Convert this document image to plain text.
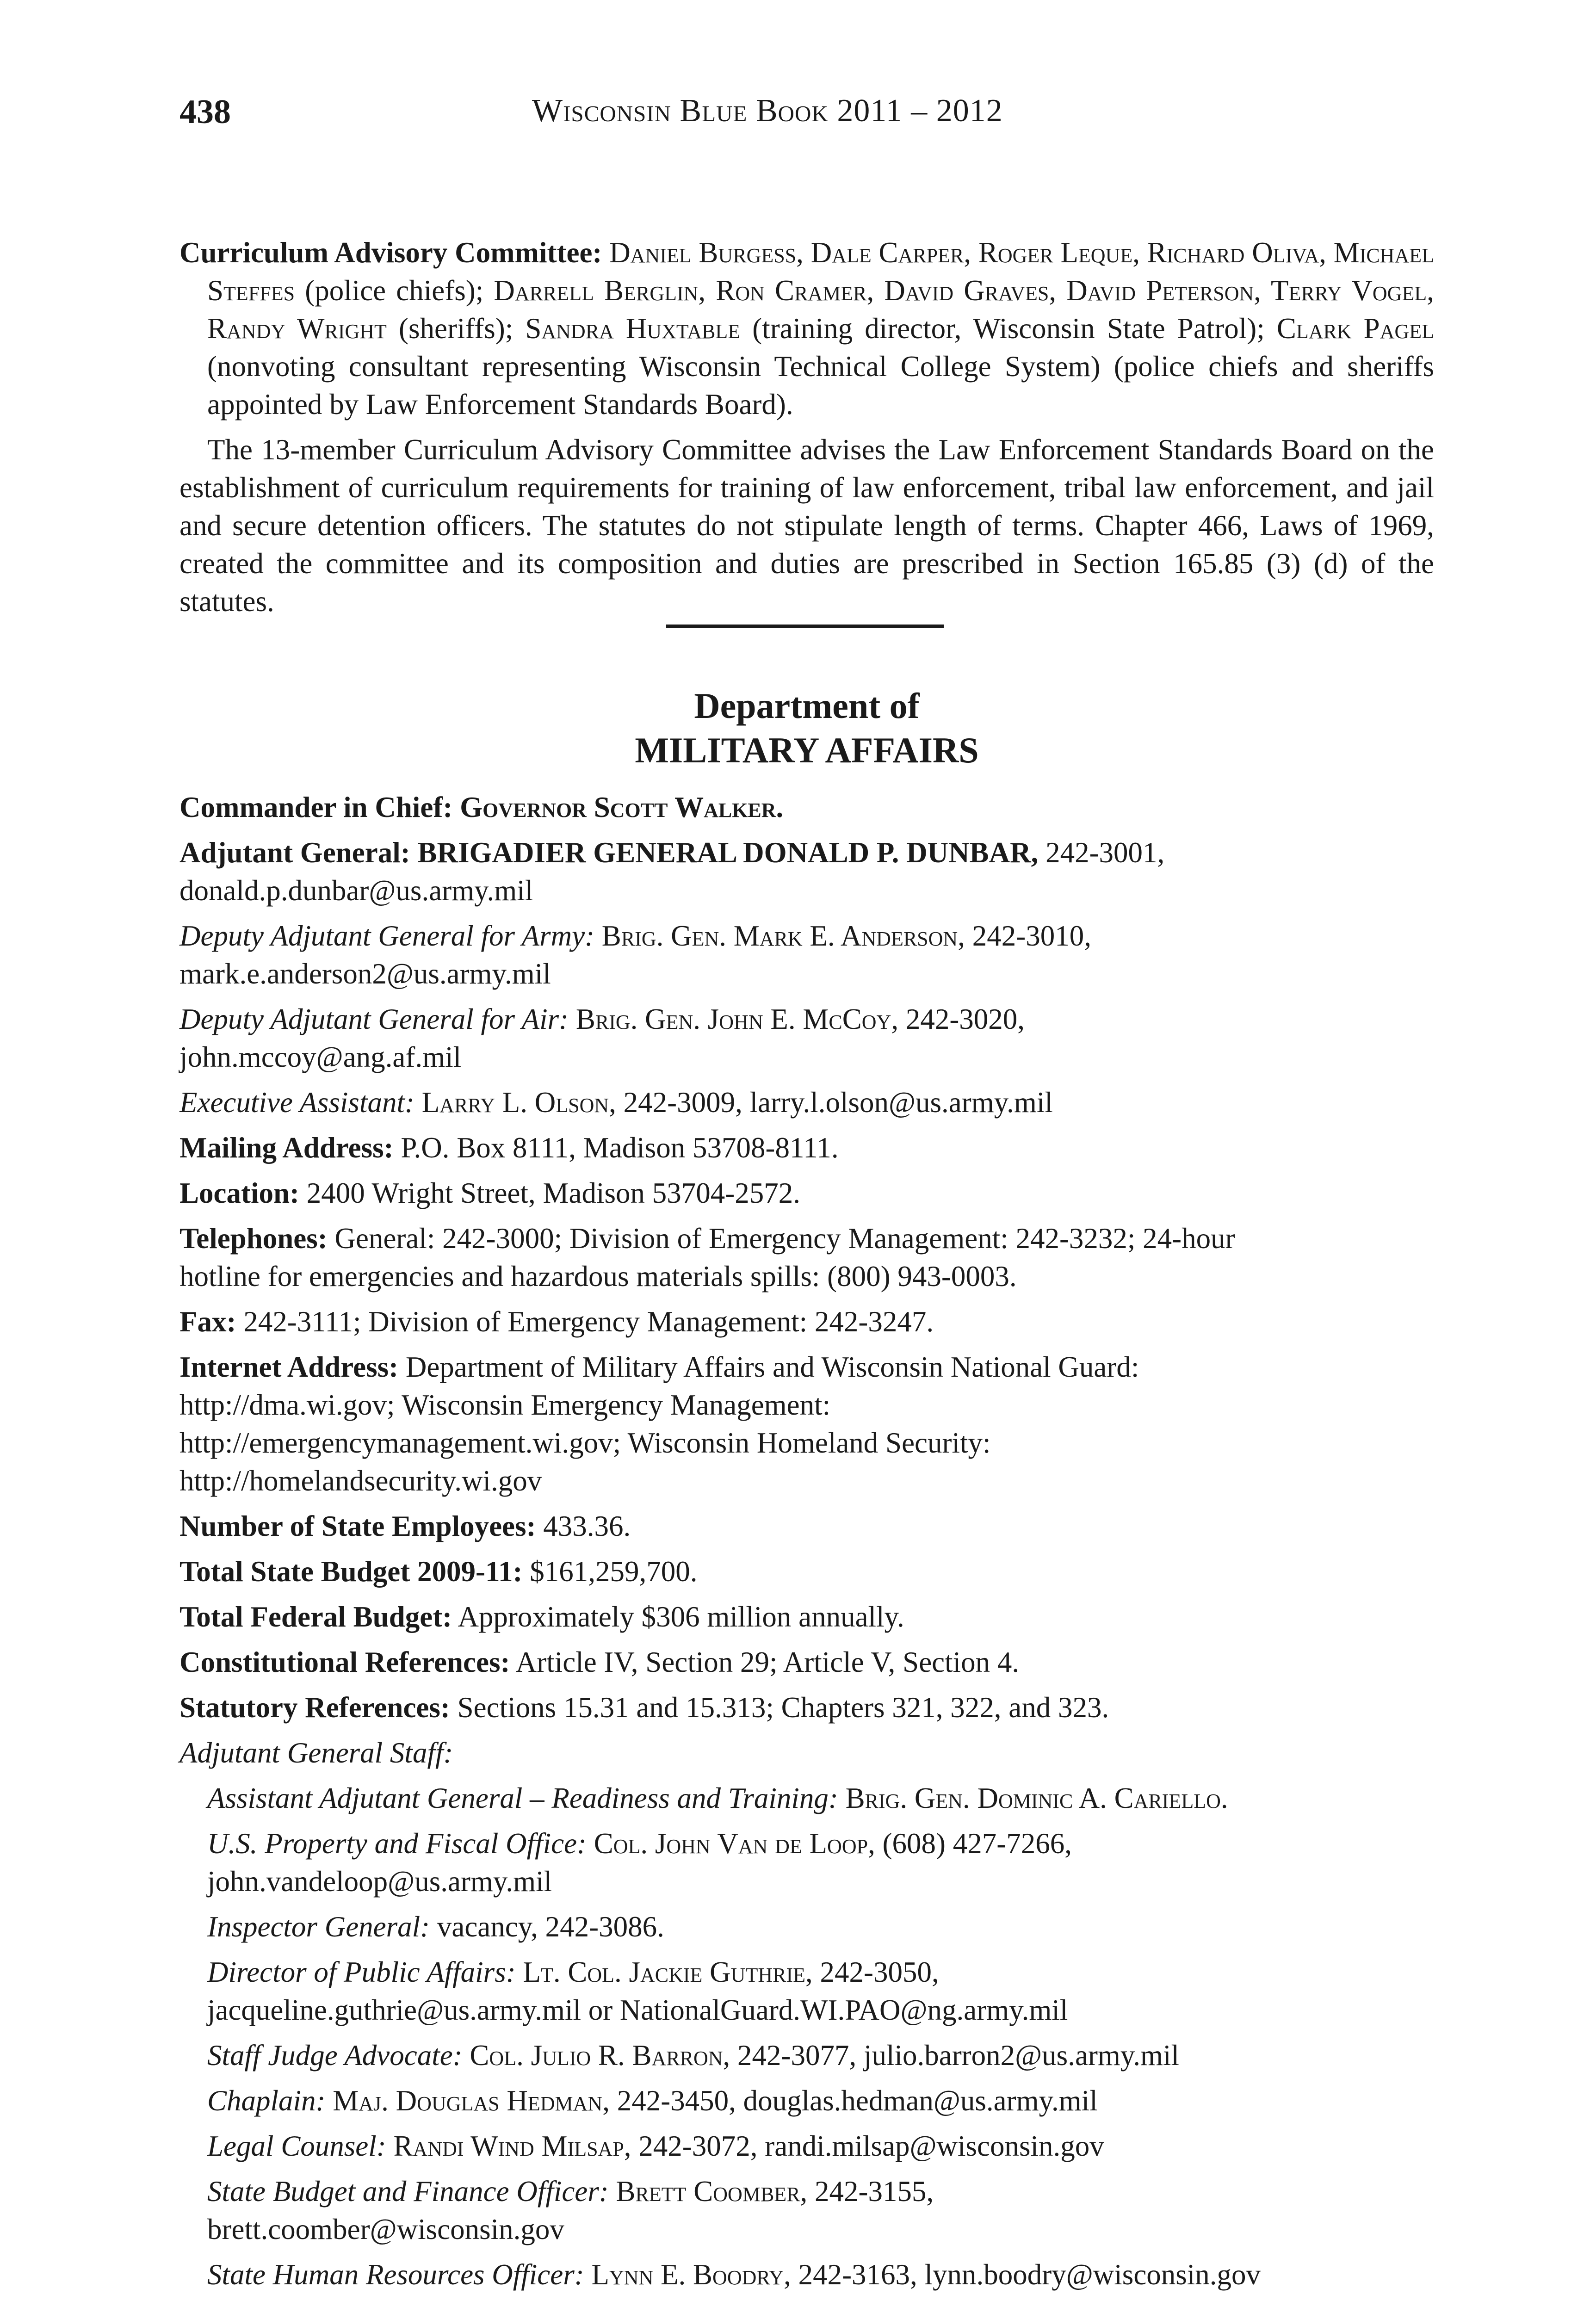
438	Wisconsin Blue Book 2011 – 2012

Curriculum Advisory Committee: Daniel Burgess, Dale Carper, Roger Leque, Richard Oliva, Michael Steffes (police chiefs); Darrell Berglin, Ron Cramer, David Graves, David Peterson, Terry Vogel, Randy Wright (sheriffs); Sandra Huxtable (training director, Wisconsin State Patrol); Clark Pagel (nonvoting consultant representing Wisconsin Technical College System) (police chiefs and sheriffs appointed by Law Enforcement Standards Board).

The 13-member Curriculum Advisory Committee advises the Law Enforcement Standards Board on the establishment of curriculum requirements for training of law enforcement, tribal law enforcement, and jail and secure detention officers. The statutes do not stipulate length of terms. Chapter 466, Laws of 1969, created the committee and its composition and duties are prescribed in Section 165.85 (3) (d) of the statutes.

Department of
MILITARY AFFAIRS

Commander in Chief: Governor Scott Walker.

Adjutant General: BRIGADIER GENERAL DONALD P. DUNBAR, 242-3001,
donald.p.dunbar@us.army.mil

Deputy Adjutant General for Army: Brig. Gen. Mark E. Anderson, 242-3010,
mark.e.anderson2@us.army.mil

Deputy Adjutant General for Air: Brig. Gen. John E. McCoy, 242-3020,
john.mccoy@ang.af.mil

Executive Assistant: Larry L. Olson, 242-3009, larry.l.olson@us.army.mil

Mailing Address: P.O. Box 8111, Madison 53708-8111.

Location: 2400 Wright Street, Madison 53704-2572.

Telephones: General: 242-3000; Division of Emergency Management: 242-3232; 24-hour
hotline for emergencies and hazardous materials spills: (800) 943-0003.

Fax: 242-3111; Division of Emergency Management: 242-3247.

Internet Address: Department of Military Affairs and Wisconsin National Guard:
http://dma.wi.gov; Wisconsin Emergency Management:
http://emergencymanagement.wi.gov; Wisconsin Homeland Security:
http://homelandsecurity.wi.gov

Number of State Employees: 433.36.

Total State Budget 2009-11: $161,259,700.

Total Federal Budget: Approximately $306 million annually.

Constitutional References: Article IV, Section 29; Article V, Section 4.

Statutory References: Sections 15.31 and 15.313; Chapters 321, 322, and 323.

Adjutant General Staff:

Assistant Adjutant General – Readiness and Training: Brig. Gen. Dominic A. Cariello.

U.S. Property and Fiscal Office: Col. John Van de Loop, (608) 427-7266,
john.vandeloop@us.army.mil

Inspector General: vacancy, 242-3086.

Director of Public Affairs: Lt. Col. Jackie Guthrie, 242-3050,
jacqueline.guthrie@us.army.mil or NationalGuard.WI.PAO@ng.army.mil

Staff Judge Advocate: Col. Julio R. Barron, 242-3077, julio.barron2@us.army.mil

Chaplain: Maj. Douglas Hedman, 242-3450, douglas.hedman@us.army.mil

Legal Counsel: Randi Wind Milsap, 242-3072, randi.milsap@wisconsin.gov

State Budget and Finance Officer: Brett Coomber, 242-3155,
brett.coomber@wisconsin.gov

State Human Resources Officer: Lynn E. Boodry, 242-3163, lynn.boodry@wisconsin.gov
